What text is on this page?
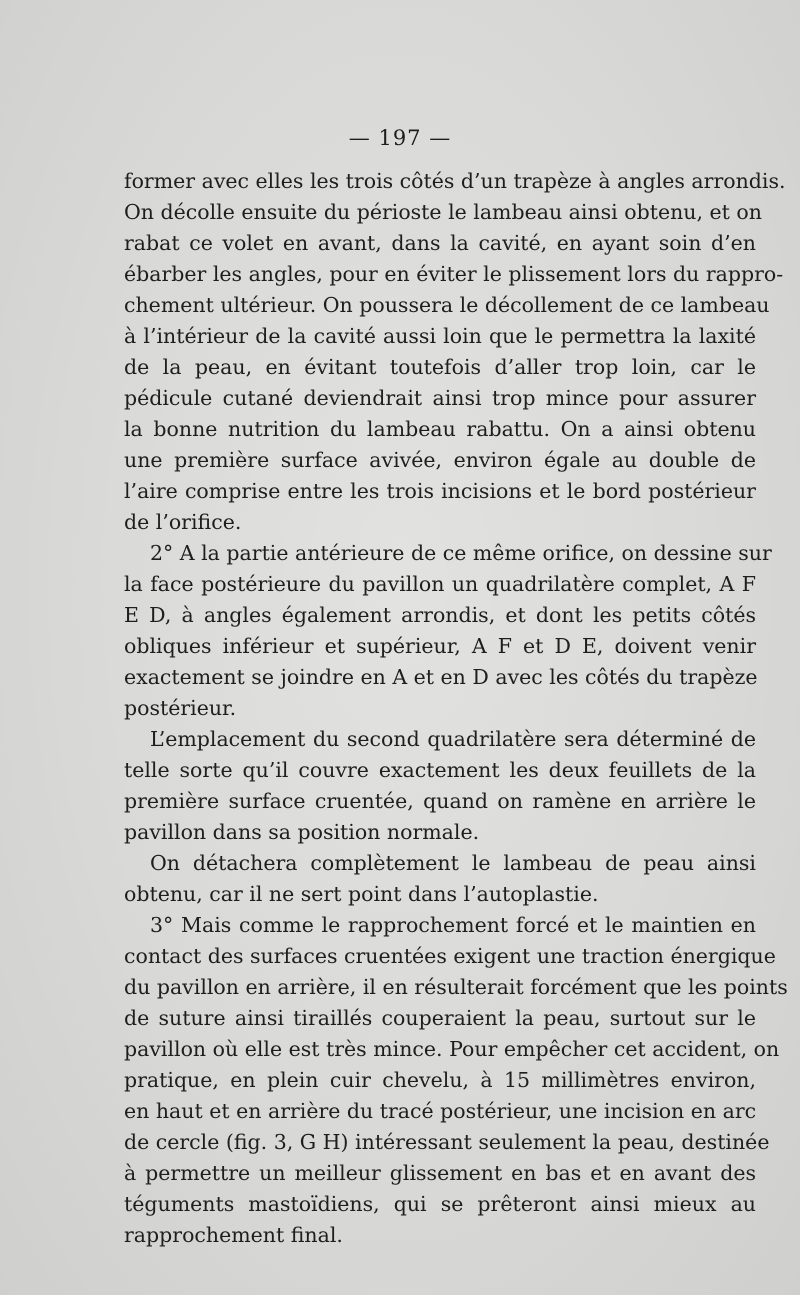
— 197 —
former avec elles les trois côtés d’un trapèze à angles arrondis.
On décolle ensuite du périoste le lambeau ainsi obtenu, et on
rabat ce volet en avant, dans la cavité, en ayant soin d’en
ébarber les angles, pour en éviter le plissement lors du rappro-
chement ultérieur. On poussera le décollement de ce lambeau
à l’intérieur de la cavité aussi loin que le permettra la laxité
de la peau, en évitant toutefois d’aller trop loin, car le
pédicule cutané deviendrait ainsi trop mince pour assurer
la bonne nutrition du lambeau rabattu. On a ainsi obtenu
une première surface avivée, environ égale au double de
l’aire comprise entre les trois incisions et le bord postérieur
de l’orifice.
2° A la partie antérieure de ce même orifice, on dessine sur
la face postérieure du pavillon un quadrilatère complet, A F
E D, à angles également arrondis, et dont les petits côtés
obliques inférieur et supérieur, A F et D E, doivent venir
exactement se joindre en A et en D avec les côtés du trapèze
postérieur.
L’emplacement du second quadrilatère sera déterminé de
telle sorte qu’il couvre exactement les deux feuillets de la
première surface cruentée, quand on ramène en arrière le
pavillon dans sa position normale.
On détachera complètement le lambeau de peau ainsi
obtenu, car il ne sert point dans l’autoplastie.
3° Mais comme le rapprochement forcé et le maintien en
contact des surfaces cruentées exigent une traction énergique
du pavillon en arrière, il en résulterait forcément que les points
de suture ainsi tiraillés couperaient la peau, surtout sur le
pavillon où elle est très mince. Pour empêcher cet accident, on
pratique, en plein cuir chevelu, à 15 millimètres environ,
en haut et en arrière du tracé postérieur, une incision en arc
de cercle (fig. 3, G H) intéressant seulement la peau, destinée
à permettre un meilleur glissement en bas et en avant des
téguments mastoïdiens, qui se prêteront ainsi mieux au
rapprochement final.
